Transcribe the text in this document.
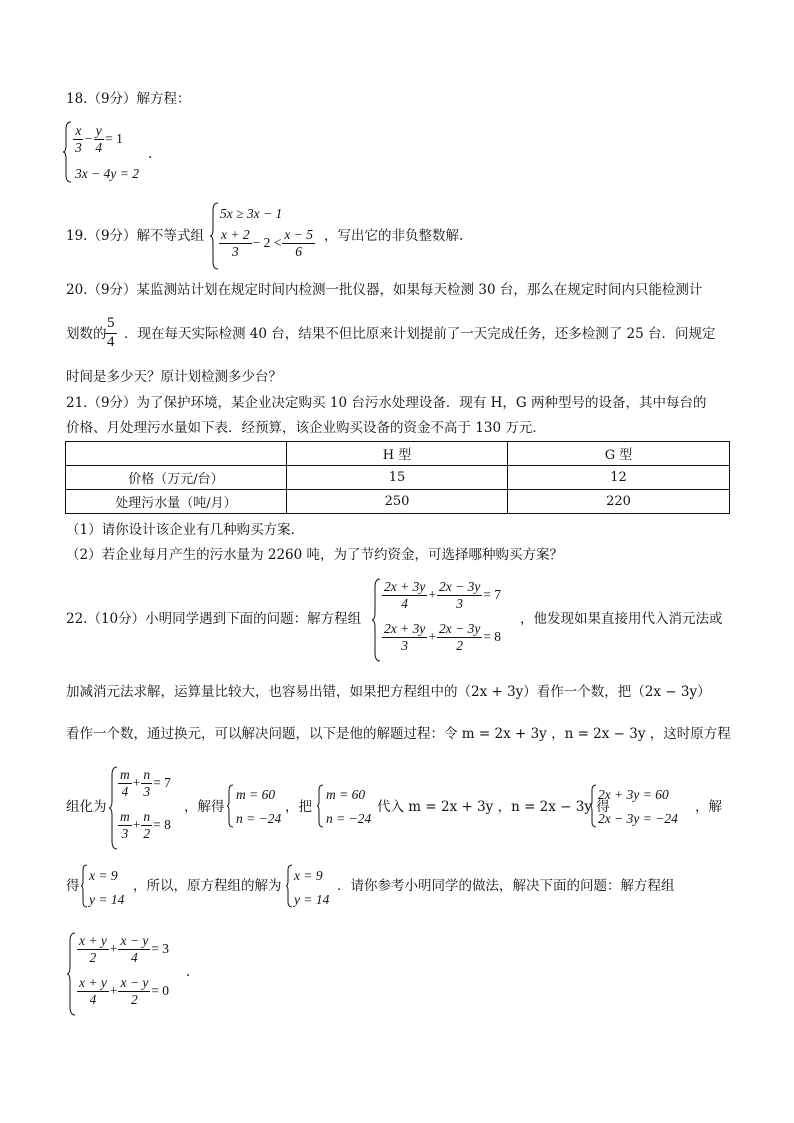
18.（9分）解方程：
$\frac{x}{3} - \frac{y}{4} = 1$
3x − 4y = 2
.
19.（9分）解不等式组
5x ≥ 3x − 1
$\frac{x + 2}{3} - 2 < \frac{x - 5}{6}$ ，写出它的非负整数解.
20.（9分）某监测站计划在规定时间内检测一批仪器，如果每天检测 30 台，那么在规定时间内只能检测计
划数的
$\frac{5}{4}$ ．现在每天实际检测 40 台，结果不但比原来计划提前了一天完成任务，还多检测了 25 台．问规定
时间是多少天？原计划检测多少台？
21.（9分）为了保护环境，某企业决定购买 10 台污水处理设备．现有 H，G 两种型号的设备，其中每台的
价格、月处理污水量如下表．经预算，该企业购买设备的资金不高于 130 万元．
	H 型	G 型
价格（万元/台）	15	12
处理污水量（吨/月）	250	220
（1）请你设计该企业有几种购买方案．
（2）若企业每月产生的污水量为 2260 吨，为了节约资金，可选择哪种购买方案？
22.（10分）小明同学遇到下面的问题：解方程组
$\frac{2x + 3y}{4} + \frac{2x - 3y}{3} = 7$
$\frac{2x + 3y}{3} + \frac{2x - 3y}{2} = 8$
，他发现如果直接用代入消元法或
加减消元法求解，运算量比较大，也容易出错，如果把方程组中的（2x + 3y）看作一个数，把（2x − 3y）
看作一个数，通过换元，可以解决问题，以下是他的解题过程：令 m = 2x + 3y ，n = 2x − 3y ，这时原方程
组化为
$\frac{m}{4} + \frac{n}{3} = 7$
$\frac{m}{3} + \frac{n}{2} = 8$
，解得
m = 60
n = −24
，把
m = 60
n = −24
代入 m = 2x + 3y ，n = 2x − 3y 得
2x + 3y = 60
2x − 3y = −24
，解
得
x = 9
y = 14
，所以，原方程组的解为
x = 9
y = 14
．请你参考小明同学的做法，解决下面的问题：解方程组
$\frac{x + y}{2} + \frac{x - y}{4} = 3$
$\frac{x + y}{4} + \frac{x - y}{2} = 0$
.
